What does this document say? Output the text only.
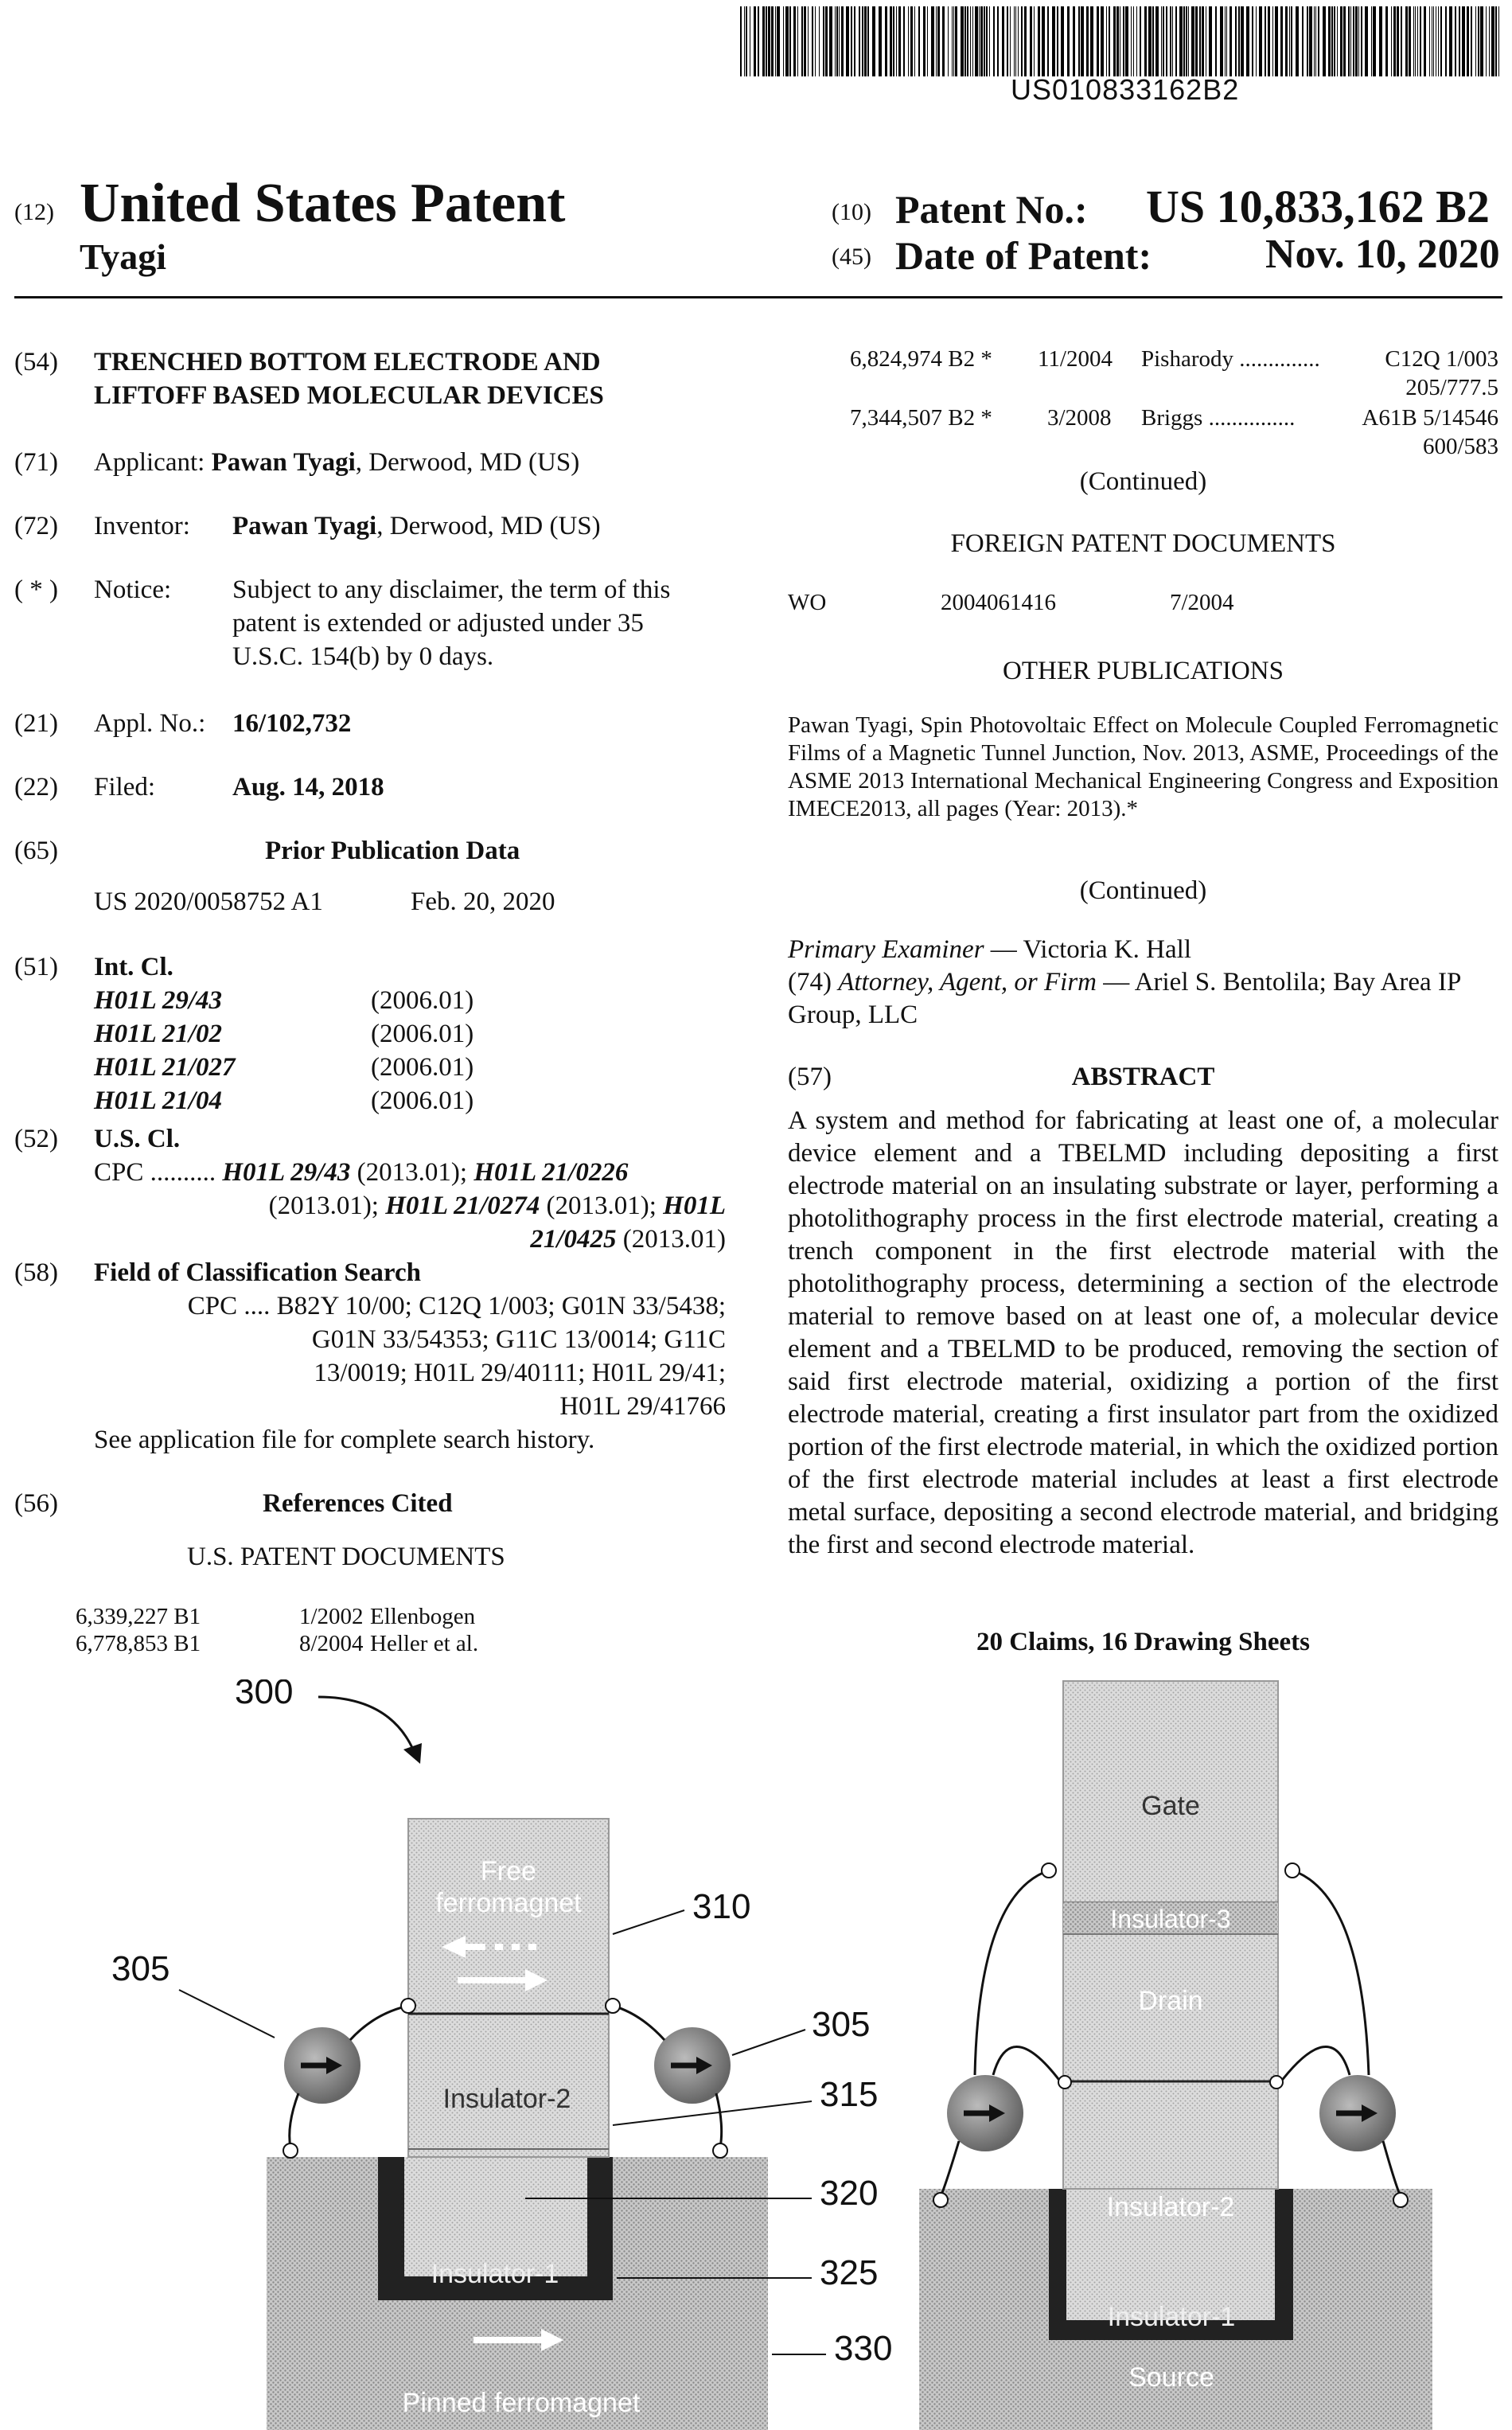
US010833162B2
(12) United States Patent
Tyagi
(10) Patent No.: US 10,833,162 B2
(45) Date of Patent:	Nov. 10, 2020
(54) TRENCHED BOTTOM ELECTRODE AND
LIFTOFF BASED MOLECULAR DEVICES
(71) Applicant: Pawan Tyagi, Derwood, MD (US)
(72) Inventor: Pawan Tyagi, Derwood, MD (US)
( * ) Notice: Subject to any disclaimer, the term of this
patent is extended or adjusted under 35
U.S.C. 154(b) by 0 days.
(21) Appl. No.: 16/102,732
(22) Filed:	Aug. 14, 2018
(65)	Prior Publication Data
US 2020/0058752 A1	Feb. 20, 2020
(51) Int. Cl.
H01L 29/43	(2006.01)
H01L 21/02	(2006.01)
H01L 21/027	(2006.01)
H01L 21/04	(2006.01)
(52) U.S. Cl.
CPC .......... H01L 29/43 (2013.01); H01L 21/0226
(2013.01); H01L 21/0274 (2013.01); H01L
21/0425 (2013.01)
(58) Field of Classification Search
CPC .... B82Y 10/00; C12Q 1/003; G01N 33/5438;
G01N 33/54353; G11C 13/0014; G11C
13/0019; H01L 29/40111; H01L 29/41;
H01L 29/41766
See application file for complete search history.
(56)	References Cited
U.S. PATENT DOCUMENTS
6,339,227 B1	1/2002 Ellenbogen
6,778,853 B1	8/2004 Heller et al.
6,824,974 B2 * 11/2004 Pisharody ..............	C12Q 1/003
205/777.5
7,344,507 B2 * 3/2008 Briggs ...............	A61B 5/14546
600/583
(Continued)
FOREIGN PATENT DOCUMENTS
WO	2004061416	7/2004
OTHER PUBLICATIONS
Pawan Tyagi, Spin Photovoltaic Effect on Molecule Coupled Ferromagnetic Films of a Magnetic Tunnel Junction, Nov. 2013, ASME, Proceedings of the ASME 2013 International Mechanical Engineering Congress and Exposition IMECE2013, all pages (Year: 2013).*
(Continued)
Primary Examiner — Victoria K. Hall
(74) Attorney, Agent, or Firm — Ariel S. Bentolila; Bay Area IP Group, LLC
(57)	ABSTRACT
A system and method for fabricating at least one of, a molecular device element and a TBELMD including depositing a first electrode material on an insulating substrate or layer, performing a photolithography process in the first electrode material, creating a trench component in the first electrode material with the photolithography process, determining a section of the electrode material to remove based on at least one of, a molecular device element and a TBELMD to be produced, removing the section of said first electrode material, oxidizing a portion of the first electrode material, creating a first insulator part from the oxidized portion of the first electrode material, in which the oxidized portion of the first electrode material includes at least a first electrode metal surface, depositing a second electrode material, and bridging the first and second electrode material.
20 Claims, 16 Drawing Sheets
Insulator-1
Pinned ferromagnet
Free
ferromagnet
Insulator-2
300
305
310
305
315
320
325
330
Insulator-1
Source
Gate
Insulator-3
Drain
Insulator-2
